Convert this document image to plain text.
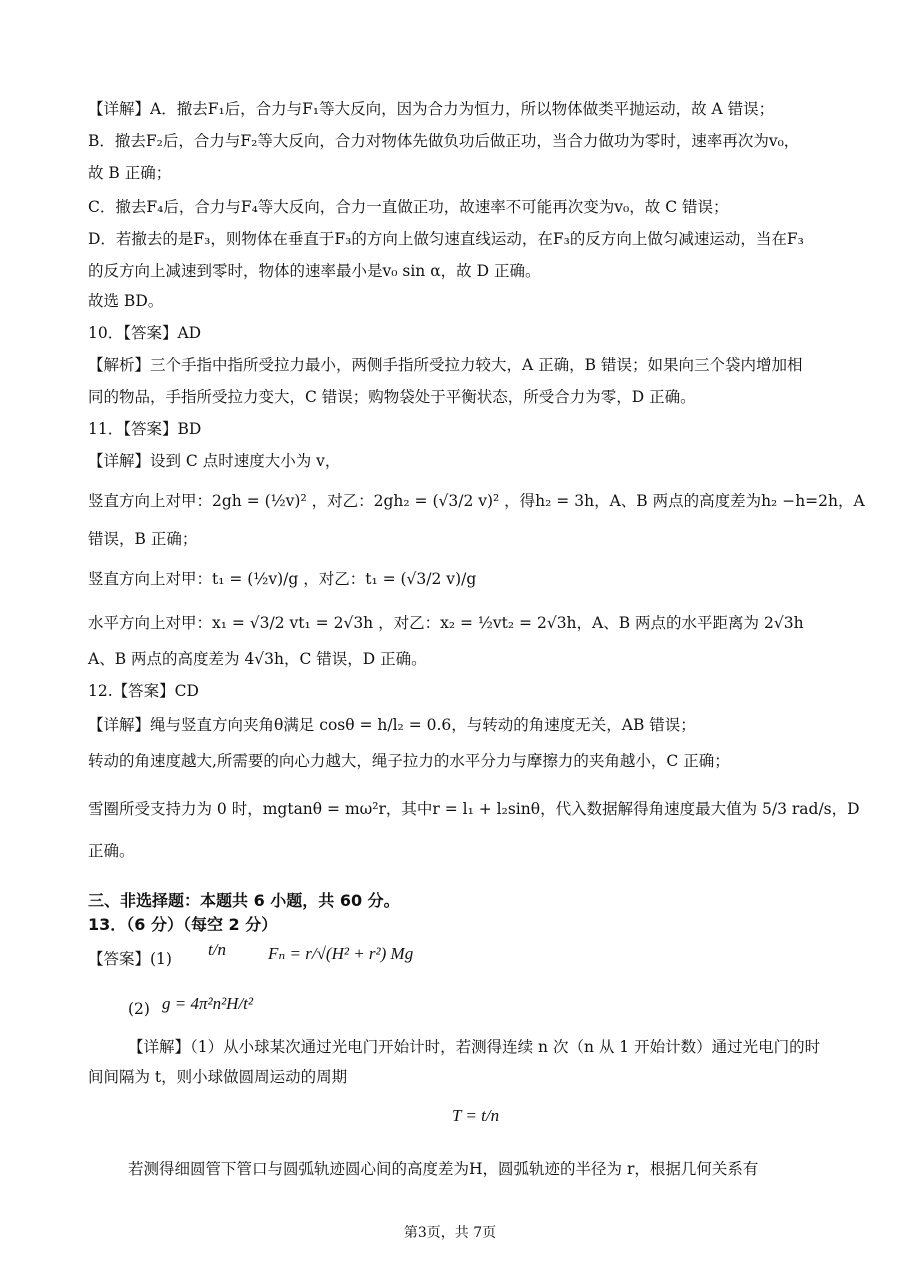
【详解】A．撤去F₁后，合力与F₁等大反向，因为合力为恒力，所以物体做类平抛运动，故 A 错误；
B．撤去F₂后，合力与F₂等大反向，合力对物体先做负功后做正功，当合力做功为零时，速率再次为v₀，
故 B 正确；
C．撤去F₄后，合力与F₄等大反向，合力一直做正功，故速率不可能再次变为v₀，故 C 错误；
D．若撤去的是F₃，则物体在垂直于F₃的方向上做匀速直线运动，在F₃的反方向上做匀减速运动，当在F₃
的反方向上减速到零时，物体的速率最小是v₀ sin α，故 D 正确。
故选 BD。
10．【答案】AD
【解析】三个手指中指所受拉力最小，两侧手指所受拉力较大，A 正确，B 错误；如果向三个袋内增加相
同的物品，手指所受拉力变大，C 错误；购物袋处于平衡状态，所受合力为零，D 正确。
11．【答案】BD
【详解】设到 C 点时速度大小为 v，
竖直方向上对甲：2gh = (½v)² ，对乙：2gh₂ = (√3/2 v)² ，得h₂ = 3h，A、B 两点的高度差为h₂ −h=2h，A
错误，B 正确；
竖直方向上对甲：t₁ = (½v)/g ，对乙：t₁ = (√3/2 v)/g
水平方向上对甲：x₁ = √3/2 vt₁ = 2√3h ，对乙：x₂ = ½vt₂ = 2√3h，A、B 两点的水平距离为 2√3h
A、B 两点的高度差为 4√3h，C 错误，D 正确。
12.【答案】CD
【详解】绳与竖直方向夹角θ满足 cosθ = h/l₂ = 0.6，与转动的角速度无关，AB 错误；
转动的角速度越大,所需要的向心力越大，绳子拉力的水平分力与摩擦力的夹角越小，C 正确；
雪圈所受支持力为 0 时，mgtanθ = mω²r，其中r = l₁ + l₂sinθ，代入数据解得角速度最大值为 5/3 rad/s，D
正确。
三、非选择题：本题共 6 小题，共 60 分。
13．（6 分）（每空 2 分）
【答案】(1) t/n Fₙ = r/√(H² + r²) Mg
(2) g = 4π²n²H/t²
【详解】（1）从小球某次通过光电门开始计时，若测得连续 n 次（n 从 1 开始计数）通过光电门的时
间间隔为 t，则小球做圆周运动的周期
T = t/n
若测得细圆管下管口与圆弧轨迹圆心间的高度差为H，圆弧轨迹的半径为 r，根据几何关系有
第3页，共 7页
